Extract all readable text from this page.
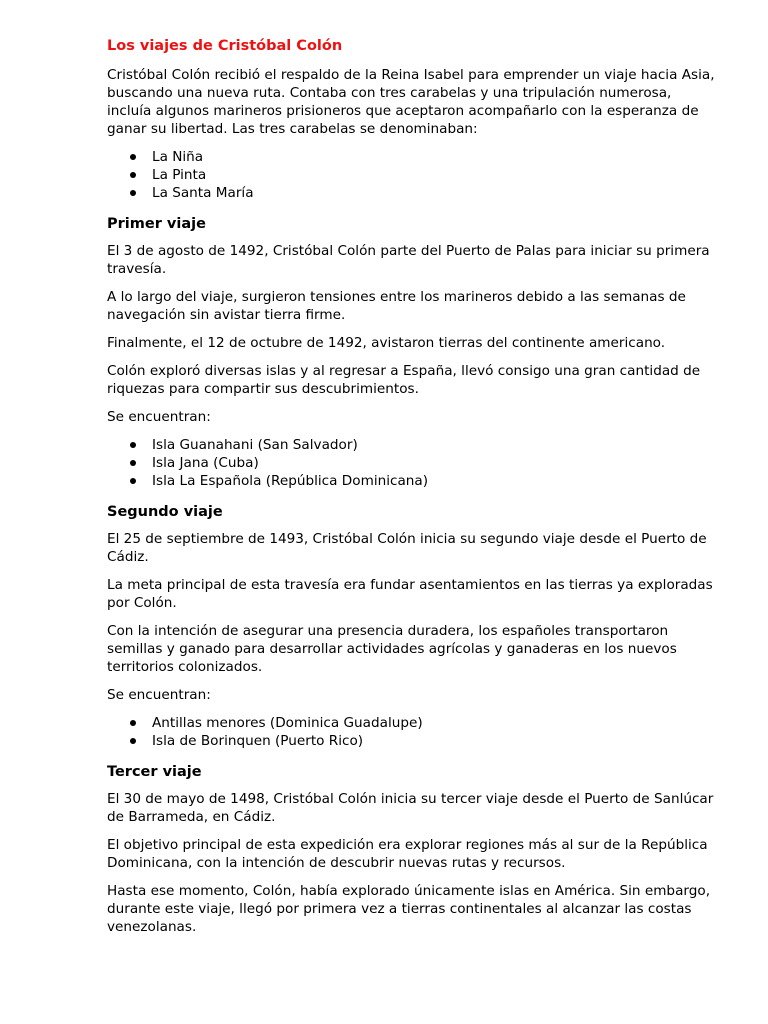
Los viajes de Cristóbal Colón

Cristóbal Colón recibió el respaldo de la Reina Isabel para emprender un viaje hacia Asia, buscando una nueva ruta. Contaba con tres carabelas y una tripulación numerosa, incluía algunos marineros prisioneros que aceptaron acompañarlo con la esperanza de ganar su libertad. Las tres carabelas se denominaban:

La Niña
La Pinta
La Santa María
Primer viaje

El 3 de agosto de 1492, Cristóbal Colón parte del Puerto de Palas para iniciar su primera travesía.

A lo largo del viaje, surgieron tensiones entre los marineros debido a las semanas de navegación sin avistar tierra firme.

Finalmente, el 12 de octubre de 1492, avistaron tierras del continente americano.

Colón exploró diversas islas y al regresar a España, llevó consigo una gran cantidad de riquezas para compartir sus descubrimientos.

Se encuentran:

Isla Guanahani (San Salvador)
Isla Jana (Cuba)
Isla La Española (República Dominicana)
Segundo viaje

El 25 de septiembre de 1493, Cristóbal Colón inicia su segundo viaje desde el Puerto de Cádiz.

La meta principal de esta travesía era fundar asentamientos en las tierras ya exploradas por Colón.

Con la intención de asegurar una presencia duradera, los españoles transportaron semillas y ganado para desarrollar actividades agrícolas y ganaderas en los nuevos territorios colonizados.

Se encuentran:

Antillas menores (Dominica Guadalupe)
Isla de Borinquen (Puerto Rico)
Tercer viaje

El 30 de mayo de 1498, Cristóbal Colón inicia su tercer viaje desde el Puerto de Sanlúcar de Barrameda, en Cádiz.

El objetivo principal de esta expedición era explorar regiones más al sur de la República Dominicana, con la intención de descubrir nuevas rutas y recursos.

Hasta ese momento, Colón, había explorado únicamente islas en América. Sin embargo, durante este viaje, llegó por primera vez a tierras continentales al alcanzar las costas venezolanas.
